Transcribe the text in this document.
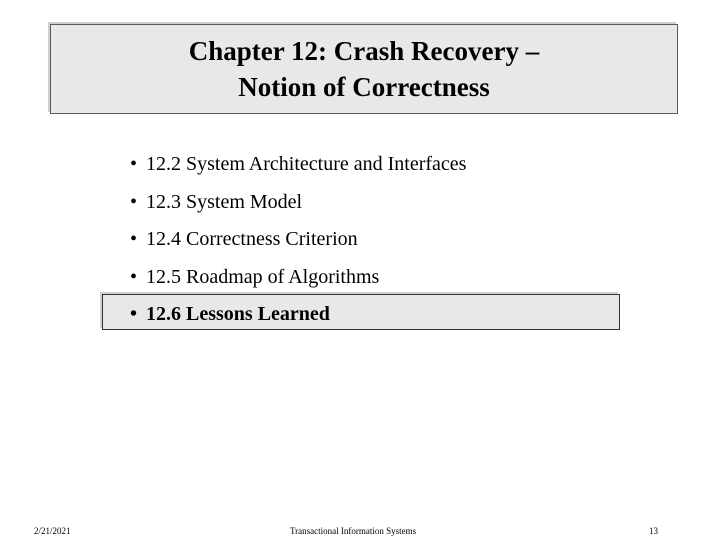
Chapter 12: Crash Recovery –
Notion of Correctness
• 12.2 System Architecture and Interfaces
• 12.3 System Model
• 12.4 Correctness Criterion
• 12.5 Roadmap of Algorithms
• 12.6 Lessons Learned
2/21/2021	Transactional Information Systems	13
